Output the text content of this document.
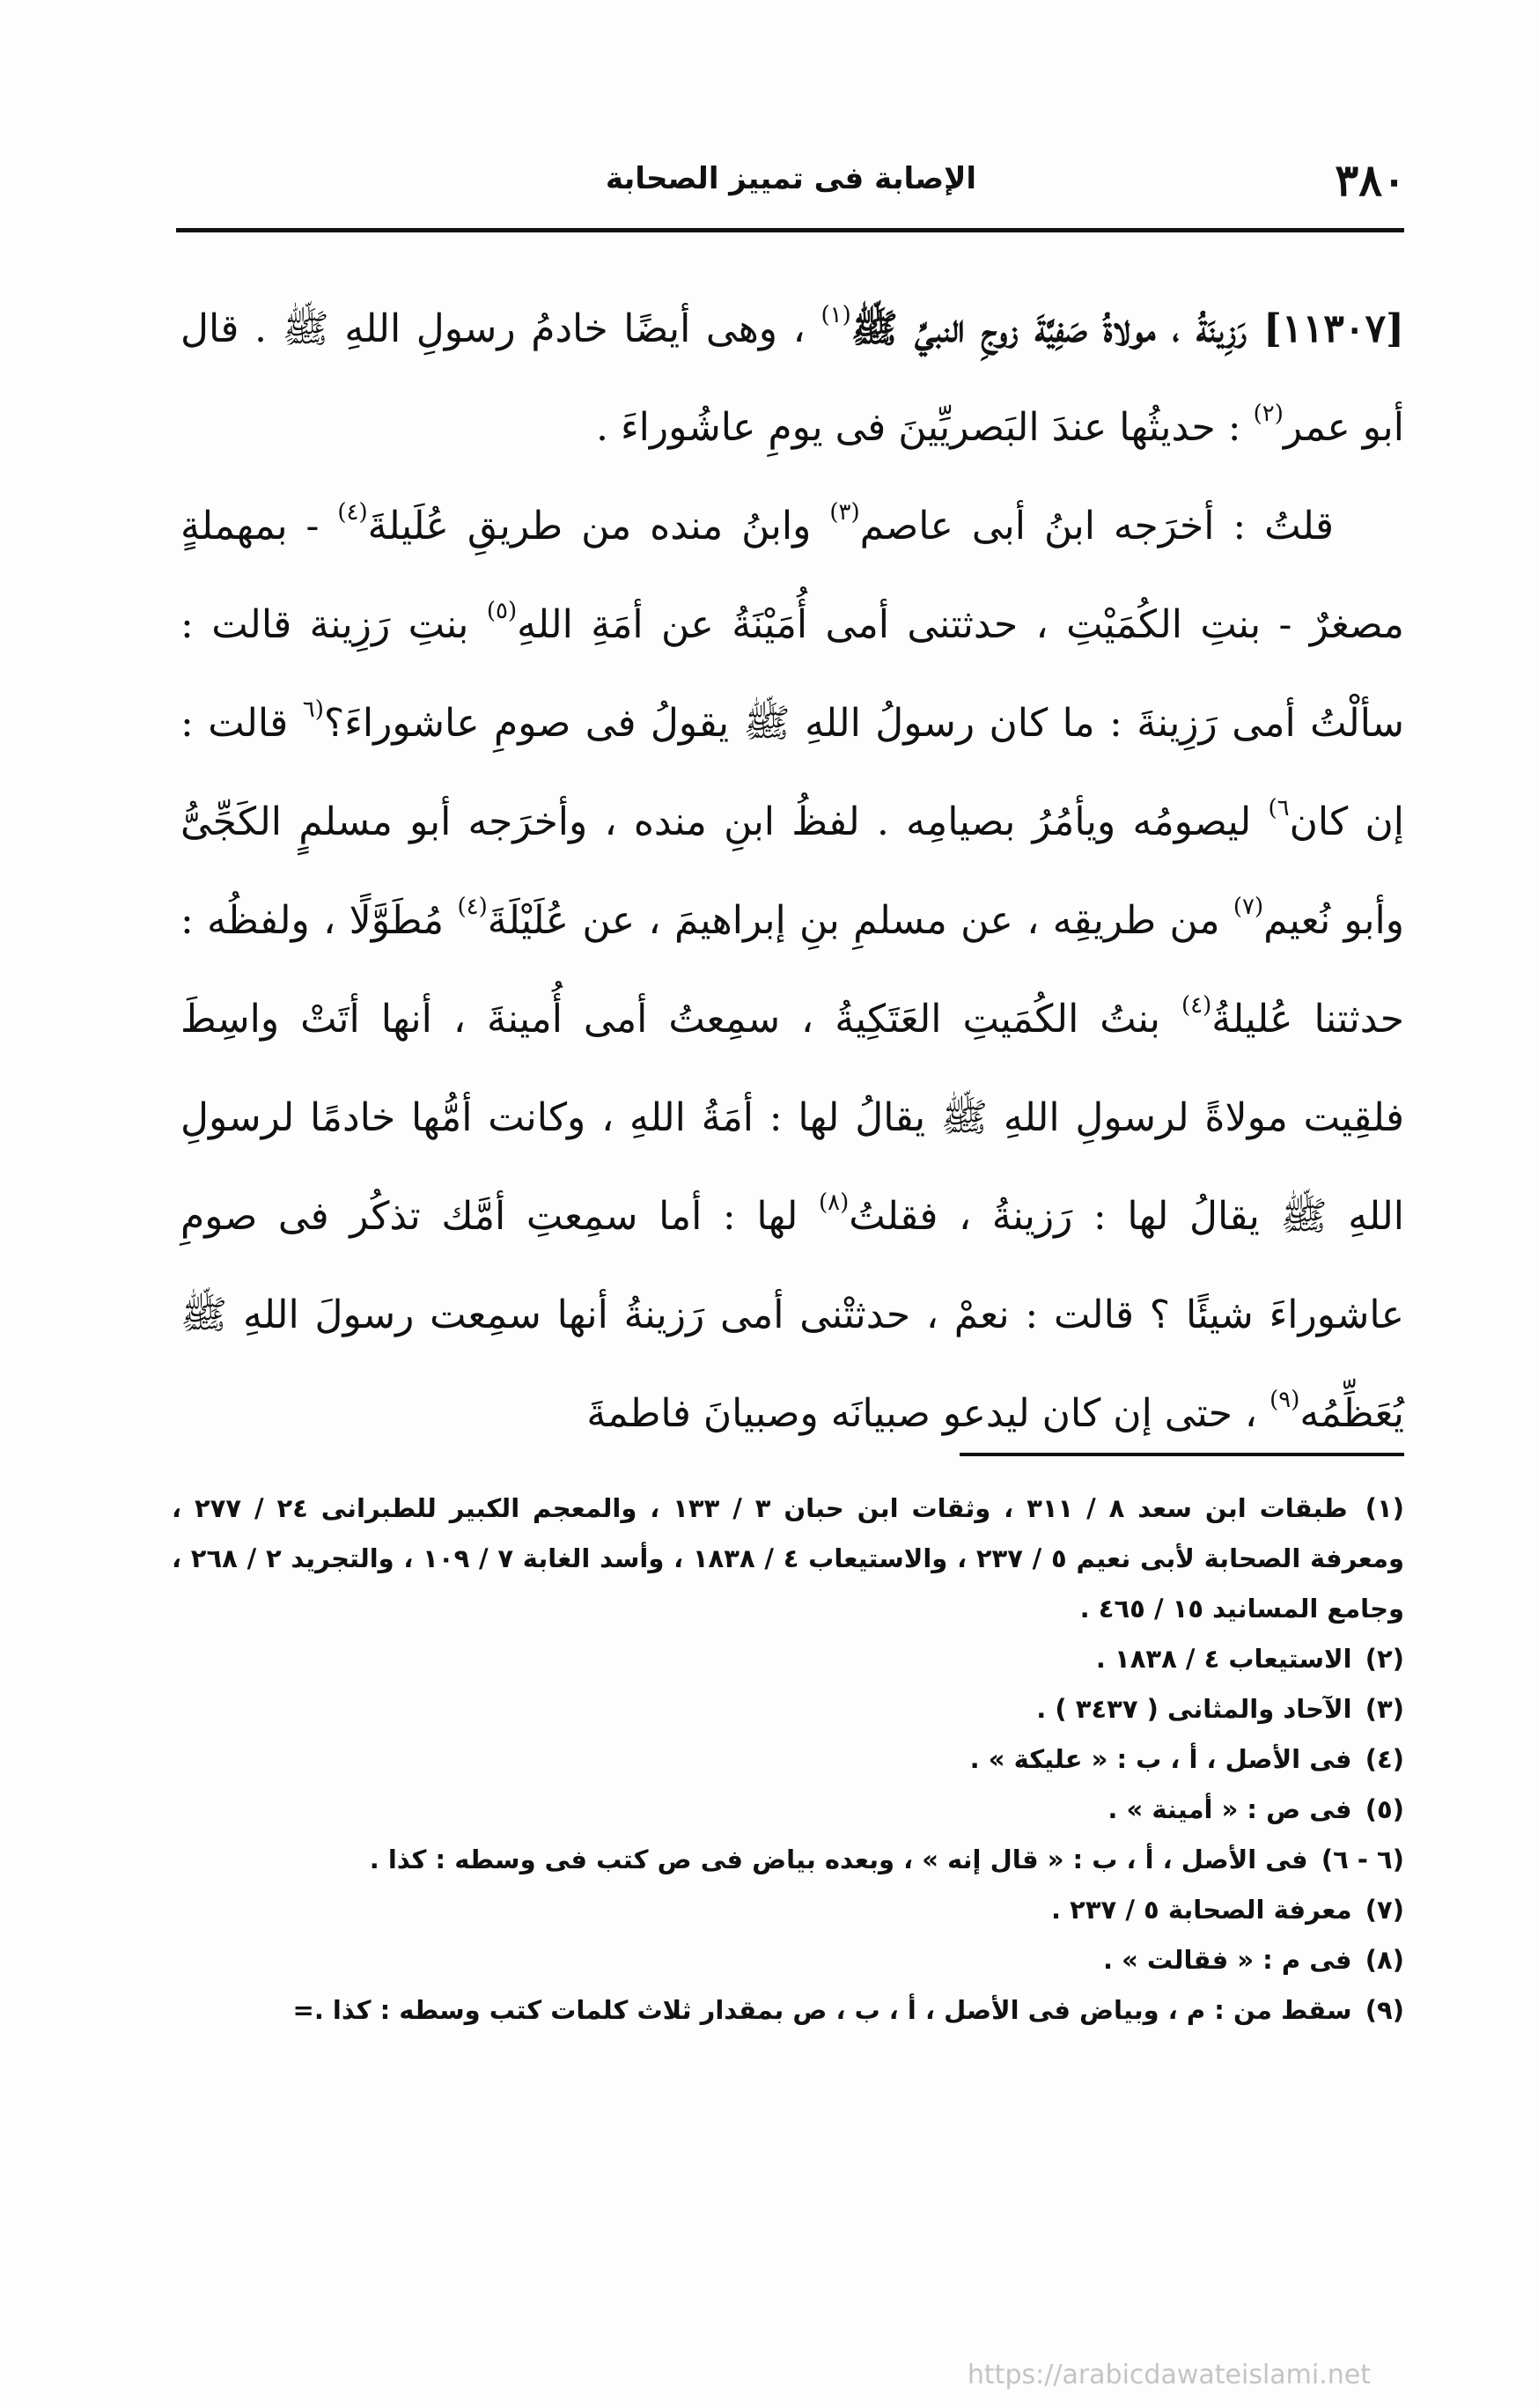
٣٨٠
الإصابة فى تمييز الصحابة

[١١٣٠٧] رَزِينَةُ ، مولاةُ صَفِيَّةَ زوجِ النبيِّ ﷺ$^{(١)}$ ، وهى أيضًا خادمُ رسولِ اللهِ ﷺ . قال أبو عمر$^{(٢)}$ : حديثُها عندَ البَصريِّينَ فى يومِ عاشُوراءَ .

قلتُ : أخرَجه ابنُ أبى عاصم$^{(٣)}$ وابنُ منده من طريقِ عُلَيلةَ$^{(٤)}$ - بمهملةٍ مصغرٌ - بنتِ الكُمَيْتِ ، حدثتنى أمى أُمَيْنَةُ عن أمَةِ اللهِ$^{(٥)}$ بنتِ رَزِينة قالت : سألْتُ أمى رَزِينةَ : ما كان رسولُ اللهِ ﷺ يقولُ فى صومِ عاشوراءَ؟$^{(٦}$ قالت : إن كان$^{٦)}$ ليصومُه ويأمُرُ بصيامِه . لفظُ ابنِ منده ، وأخرَجه أبو مسلمٍ الكَجِّىُّ وأبو نُعيم$^{(٧)}$ من طريقِه ، عن مسلمِ بنِ إبراهيمَ ، عن عُلَيْلَةَ$^{(٤)}$ مُطَوَّلًا ، ولفظُه : حدثتنا عُليلةُ$^{(٤)}$ بنتُ الكُمَيتِ العَتَكِيةُ ، سمِعتُ أمى أُمينةَ ، أنها أتَتْ واسِطَ فلقِيت مولاةً لرسولِ اللهِ ﷺ يقالُ لها : أمَةُ اللهِ ، وكانت أمُّها خادمًا لرسولِ اللهِ ﷺ يقالُ لها : رَزينةُ ، فقلتُ$^{(٨)}$ لها : أما سمِعتِ أمَّك تذكُر فى صومِ عاشوراءَ شيئًا ؟ قالت : نعمْ ، حدثتْنى أمى رَزينةُ أنها سمِعت رسولَ اللهِ ﷺ يُعَظِّمُه$^{(٩)}$ ، حتى إن كان ليدعو صبيانَه وصبيانَ فاطمةَ

(١) طبقات ابن سعد ٨ / ٣١١ ، وثقات ابن حبان ٣ / ١٣٣ ، والمعجم الكبير للطبرانى ٢٤ / ٢٧٧ ، ومعرفة الصحابة لأبى نعيم ٥ / ٢٣٧ ، والاستيعاب ٤ / ١٨٣٨ ، وأسد الغابة ٧ / ١٠٩ ، والتجريد ٢ / ٢٦٨ ، وجامع المسانيد ١٥ / ٤٦٥ .

(٢) الاستيعاب ٤ / ١٨٣٨ .

(٣) الآحاد والمثانى ( ٣٤٣٧ ) .

(٤) فى الأصل ، أ ، ب : « عليكة » .

(٥) فى ص : « أمينة » .

(٦ - ٦) فى الأصل ، أ ، ب : « قال إنه » ، وبعده بياض فى ص كتب فى وسطه : كذا .

(٧) معرفة الصحابة ٥ / ٢٣٧ .

(٨) فى م : « فقالت » .

(٩) سقط من : م ، وبياض فى الأصل ، أ ، ب ، ص بمقدار ثلاث كلمات كتب وسطه : كذا .=

https://arabicdawateislami.net
